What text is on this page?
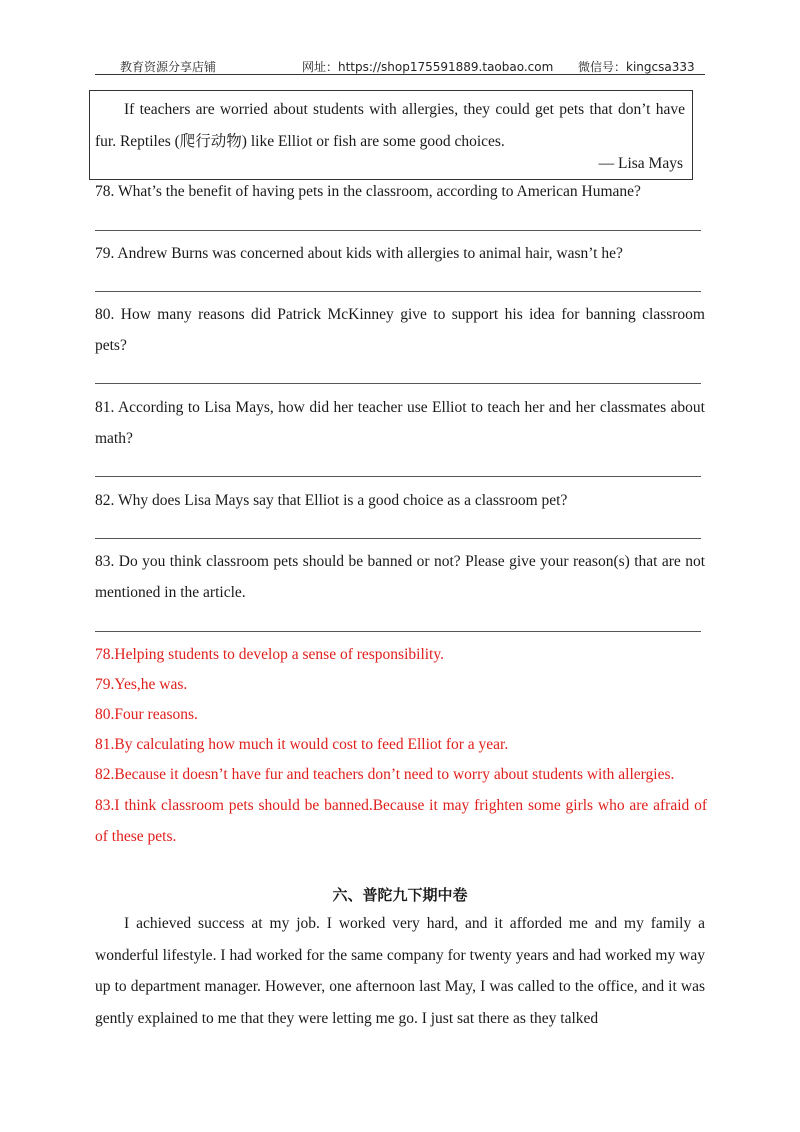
教育资源分享店铺	网址：https://shop175591889.taobao.com 微信号：kingcsa333
If teachers are worried about students with allergies, they could get pets that don’t have fur. Reptiles (爬行动物) like Elliot or fish are some good choices.
— Lisa Mays
78. What’s the benefit of having pets in the classroom, according to American Humane?
79. Andrew Burns was concerned about kids with allergies to animal hair, wasn’t he?
80. How many reasons did Patrick McKinney give to support his idea for banning classroom pets?
81. According to Lisa Mays, how did her teacher use Elliot to teach her and her classmates about math?
82. Why does Lisa Mays say that Elliot is a good choice as a classroom pet?
83. Do you think classroom pets should be banned or not? Please give your reason(s) that are not mentioned in the article.
78.Helping students to develop a sense of responsibility.
79.Yes,he was.
80.Four reasons.
81.By calculating how much it would cost to feed Elliot for a year.
82.Because it doesn’t have fur and teachers don’t need to worry about students with allergies.
83.I think classroom pets should be banned.Because it may frighten some girls who are afraid of of these pets.
六、普陀九下期中卷
I achieved success at my job. I worked very hard, and it afforded me and my family a wonderful lifestyle. I had worked for the same company for twenty years and had worked my way up to department manager. However, one afternoon last May, I was called to the office, and it was gently explained to me that they were letting me go. I just sat there as they talked
